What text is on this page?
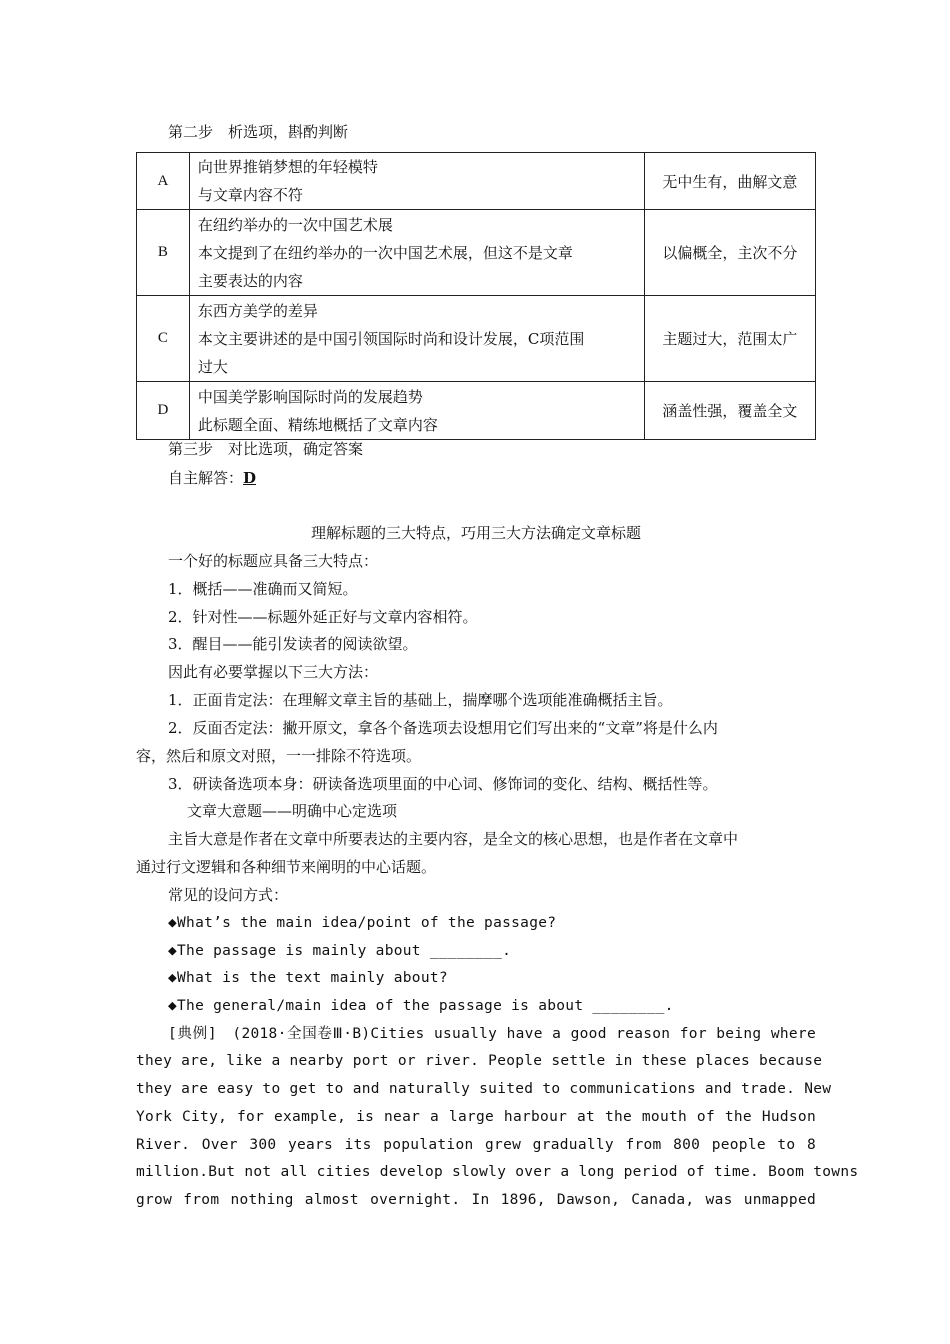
第二步　析选项，斟酌判断
A	向世界推销梦想的年轻模特
与文章内容不符	无中生有，曲解文意
B	在纽约举办的一次中国艺术展
本文提到了在纽约举办的一次中国艺术展，但这不是文章
主要表达的内容	以偏概全，主次不分
C	东西方美学的差异
本文主要讲述的是中国引领国际时尚和设计发展，C项范围
过大	主题过大，范围太广
D	中国美学影响国际时尚的发展趋势
此标题全面、精练地概括了文章内容	涵盖性强，覆盖全文
第三步　对比选项，确定答案
自主解答：D
理解标题的三大特点，巧用三大方法确定文章标题
一个好的标题应具备三大特点：
1．概括——准确而又简短。
2．针对性——标题外延正好与文章内容相符。
3．醒目——能引发读者的阅读欲望。
因此有必要掌握以下三大方法：
1．正面肯定法：在理解文章主旨的基础上，揣摩哪个选项能准确概括主旨。
2．反面否定法：撇开原文，拿各个备选项去设想用它们写出来的“文章”将是什么内
容，然后和原文对照，一一排除不符选项。
3．研读备选项本身：研读备选项里面的中心词、修饰词的变化、结构、概括性等。
文章大意题——明确中心定选项
主旨大意是作者在文章中所要表达的主要内容，是全文的核心思想，也是作者在文章中
通过行文逻辑和各种细节来阐明的中心话题。
常见的设问方式：
◆What’s the main idea/point of the passage?
◆The passage is mainly about ________.
◆What is the text mainly about?
◆The general/main idea of the passage is about ________.
[典例]　(2018·全国卷Ⅲ·B)Cities usually have a good reason for being where
they are, like a nearby port or river. People settle in these places because
they are easy to get to and naturally suited to communications and trade. New
York City, for example, is near a large harbour at the mouth of the Hudson
River. Over 300 years its population grew gradually from 800 people to 8
million.But not all cities develop slowly over a long period of time. Boom towns
grow from nothing almost overnight. In 1896, Dawson, Canada, was unmapped
